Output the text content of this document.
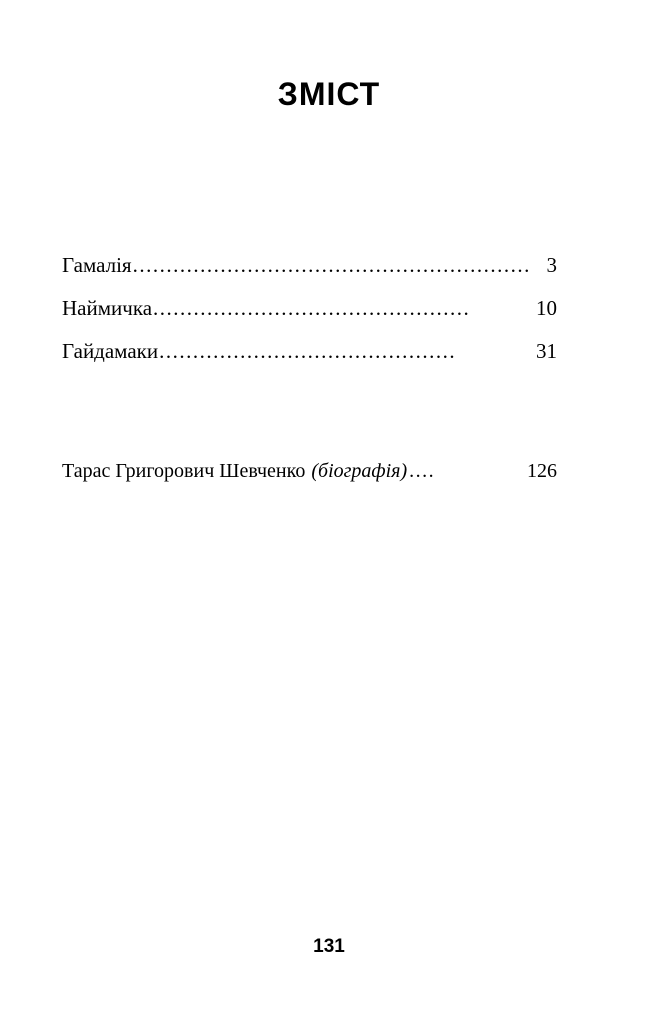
ЗМІСТ
Гамалія ........................................................... 3
Наймичка ...............................................	10
Гайдамаки ............................................	31
Тарас Григорович Шевченко (біографія) ....	126
131
